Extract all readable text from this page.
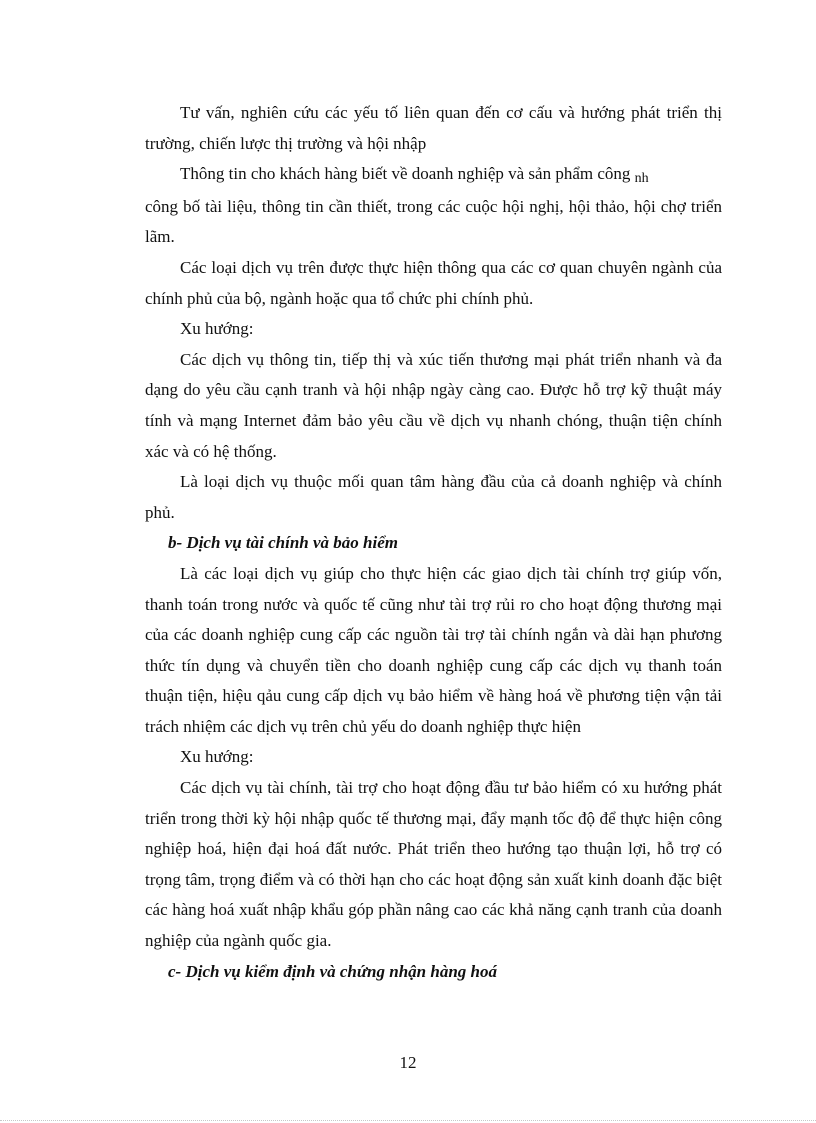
Tư vấn, nghiên cứu các yếu tố liên quan đến cơ cấu và hướng phát triển thị trường, chiến lược thị trường và hội nhập

Thông tin cho khách hàng biết về doanh nghiệp và sản phẩm công nh

công bố tài liệu, thông tin cần thiết, trong các cuộc hội nghị, hội thảo, hội chợ triển lãm.

Các loại dịch vụ trên được thực hiện thông qua các cơ quan chuyên ngành của chính phủ của bộ, ngành hoặc qua tổ chức phi chính phủ.

Xu hướng:

Các dịch vụ thông tin, tiếp thị và xúc tiến thương mại phát triển nhanh và đa dạng do yêu cầu cạnh tranh và hội nhập ngày càng cao. Được hỗ trợ kỹ thuật máy tính và mạng Internet đảm bảo yêu cầu về dịch vụ nhanh chóng, thuận tiện chính xác và có hệ thống.

Là loại dịch vụ thuộc mối quan tâm hàng đầu của cả doanh nghiệp và chính phủ.

b- Dịch vụ tài chính và bảo hiểm

Là các loại dịch vụ giúp cho thực hiện các giao dịch tài chính trợ giúp vốn, thanh toán trong nước và quốc tế cũng như tài trợ rủi ro cho hoạt động thương mại của các doanh nghiệp cung cấp các nguồn tài trợ tài chính ngắn và dài hạn phương thức tín dụng và chuyển tiền cho doanh nghiệp cung cấp các dịch vụ thanh toán thuận tiện, hiệu qảu cung cấp dịch vụ bảo hiểm về hàng hoá về phương tiện vận tải trách nhiệm các dịch vụ trên chủ yếu do doanh nghiệp thực hiện

Xu hướng:

Các dịch vụ tài chính, tài trợ cho hoạt động đầu tư bảo hiểm có xu hướng phát triển trong thời kỳ hội nhập quốc tế thương mại, đẩy mạnh tốc độ để thực hiện công nghiệp hoá, hiện đại hoá đất nước. Phát triển theo hướng tạo thuận lợi, hỗ trợ có trọng tâm, trọng điểm và có thời hạn cho các hoạt động sản xuất kinh doanh đặc biệt các hàng hoá xuất nhập khẩu góp phần nâng cao các khả năng cạnh tranh của doanh nghiệp của ngành quốc gia.

c- Dịch vụ kiểm định và chứng nhận hàng hoá

12
